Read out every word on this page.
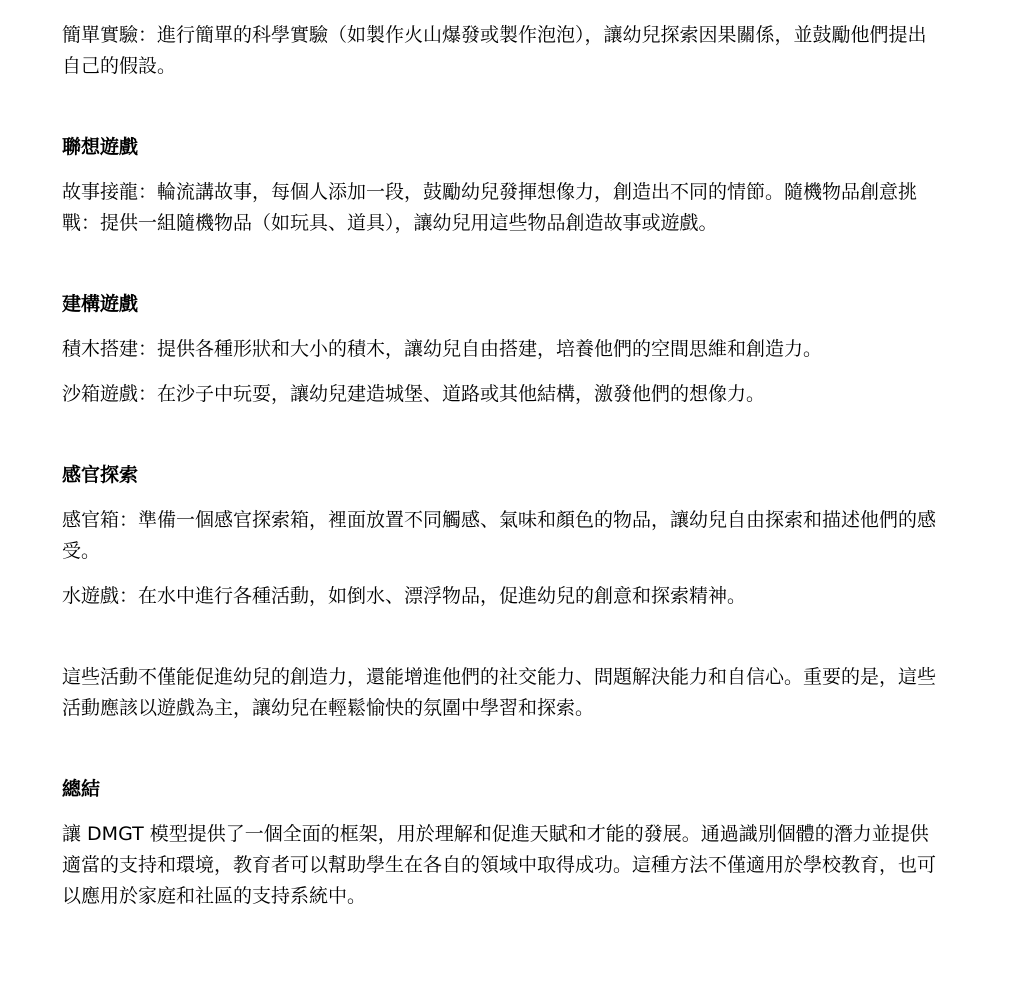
簡單實驗：進行簡單的科學實驗（如製作火山爆發或製作泡泡），讓幼兒探索因果關係，並鼓勵他們提出自己的假設。

聯想遊戲

故事接龍：輪流講故事，每個人添加一段，鼓勵幼兒發揮想像力，創造出不同的情節。隨機物品創意挑戰：提供一組隨機物品（如玩具、道具），讓幼兒用這些物品創造故事或遊戲。

建構遊戲

積木搭建：提供各種形狀和大小的積木，讓幼兒自由搭建，培養他們的空間思維和創造力。

沙箱遊戲：在沙子中玩耍，讓幼兒建造城堡、道路或其他結構，激發他們的想像力。

感官探索

感官箱：準備一個感官探索箱，裡面放置不同觸感、氣味和顏色的物品，讓幼兒自由探索和描述他們的感受。

水遊戲：在水中進行各種活動，如倒水、漂浮物品，促進幼兒的創意和探索精神。

這些活動不僅能促進幼兒的創造力，還能增進他們的社交能力、問題解決能力和自信心。重要的是，這些活動應該以遊戲為主，讓幼兒在輕鬆愉快的氛圍中學習和探索。

總結

讓 DMGT 模型提供了一個全面的框架，用於理解和促進天賦和才能的發展。通過識別個體的潛力並提供適當的支持和環境，教育者可以幫助學生在各自的領域中取得成功。這種方法不僅適用於學校教育，也可以應用於家庭和社區的支持系統中。
